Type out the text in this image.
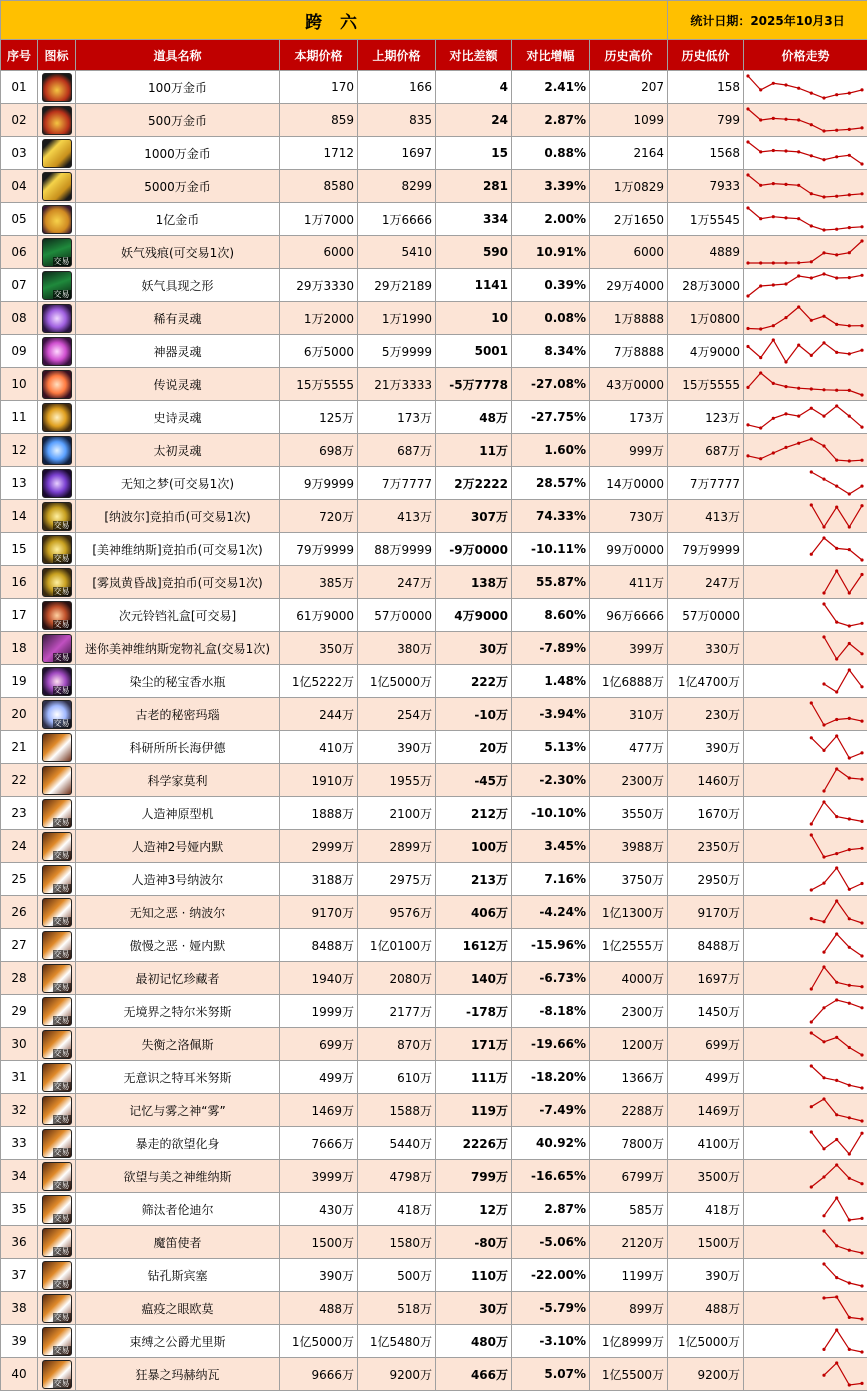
跨 六								统计日期：2025年10月3日	
序号	图标	道具名称	本期价格	上期价格	对比差额	对比增幅	历史高价	历史低价	价格走势
01		100万金币	170	166	4	2.41%	207	158	

02		500万金币	859	835	24	2.87%	1099	799	

03		1000万金币	1712	1697	15	0.88%	2164	1568	

04		5000万金币	8580	8299	281	3.39%	1万0829	7933	

05		1亿金币	1万7000	1万6666	334	2.00%	2万1650	1万5545	

06	交易	妖气残痕(可交易1次)	6000	5410	590	10.91%	6000	4889	

07	交易	妖气具现之形	29万3330	29万2189	1141	0.39%	29万4000	28万3000	

08		稀有灵魂	1万2000	1万1990	10	0.08%	1万8888	1万0800	

09		神器灵魂	6万5000	5万9999	5001	8.34%	7万8888	4万9000	

10		传说灵魂	15万5555	21万3333	-5万7778	-27.08%	43万0000	15万5555	

11		史诗灵魂	125万	173万	48万	-27.75%	173万	123万	

12		太初灵魂	698万	687万	11万	1.60%	999万	687万	

13		无知之梦(可交易1次)	9万9999	7万7777	2万2222	28.57%	14万0000	7万7777	

14	交易	[纳波尔]竞拍币(可交易1次)	720万	413万	307万	74.33%	730万	413万	

15	交易	[美神维纳斯]竞拍币(可交易1次)	79万9999	88万9999	-9万0000	-10.11%	99万0000	79万9999	

16	交易	[雾岚黄昏战]竞拍币(可交易1次)	385万	247万	138万	55.87%	411万	247万	

17	交易	次元铃铛礼盒[可交易]	61万9000	57万0000	4万9000	8.60%	96万6666	57万0000	

18	交易	迷你美神维纳斯宠物礼盒(交易1次)	350万	380万	30万	-7.89%	399万	330万	

19	交易	染尘的秘宝香水瓶	1亿5222万	1亿5000万	222万	1.48%	1亿6888万	1亿4700万	

20	交易	古老的秘密玛瑙	244万	254万	-10万	-3.94%	310万	230万	

21		科研所所长海伊德	410万	390万	20万	5.13%	477万	390万	

22		科学家莫利	1910万	1955万	-45万	-2.30%	2300万	1460万	

23	交易	人造神原型机	1888万	2100万	212万	-10.10%	3550万	1670万	

24	交易	人造神2号娅内默	2999万	2899万	100万	3.45%	3988万	2350万	

25	交易	人造神3号纳波尔	3188万	2975万	213万	7.16%	3750万	2950万	

26	交易	无知之恶 · 纳波尔	9170万	9576万	406万	-4.24%	1亿1300万	9170万	

27	交易	傲慢之恶 · 娅内默	8488万	1亿0100万	1612万	-15.96%	1亿2555万	8488万	

28	交易	最初记忆珍藏者	1940万	2080万	140万	-6.73%	4000万	1697万	

29	交易	无境界之特尔米努斯	1999万	2177万	-178万	-8.18%	2300万	1450万	

30	交易	失衡之洛佩斯	699万	870万	171万	-19.66%	1200万	699万	

31	交易	无意识之特耳米努斯	499万	610万	111万	-18.20%	1366万	499万	

32	交易	记忆与雾之神“雾”	1469万	1588万	119万	-7.49%	2288万	1469万	

33	交易	暴走的欲望化身	7666万	5440万	2226万	40.92%	7800万	4100万	

34	交易	欲望与美之神维纳斯	3999万	4798万	799万	-16.65%	6799万	3500万	

35	交易	筛汰者伦迪尔	430万	418万	12万	2.87%	585万	418万	

36	交易	魔笛使者	1500万	1580万	-80万	-5.06%	2120万	1500万	

37	交易	钻孔斯宾塞	390万	500万	110万	-22.00%	1199万	390万	

38	交易	瘟疫之眼欧莫	488万	518万	30万	-5.79%	899万	488万	

39	交易	束缚之公爵尤里斯	1亿5000万	1亿5480万	480万	-3.10%	1亿8999万	1亿5000万	

40	交易	狂暴之玛赫纳瓦	9666万	9200万	466万	5.07%	1亿5500万	9200万	
